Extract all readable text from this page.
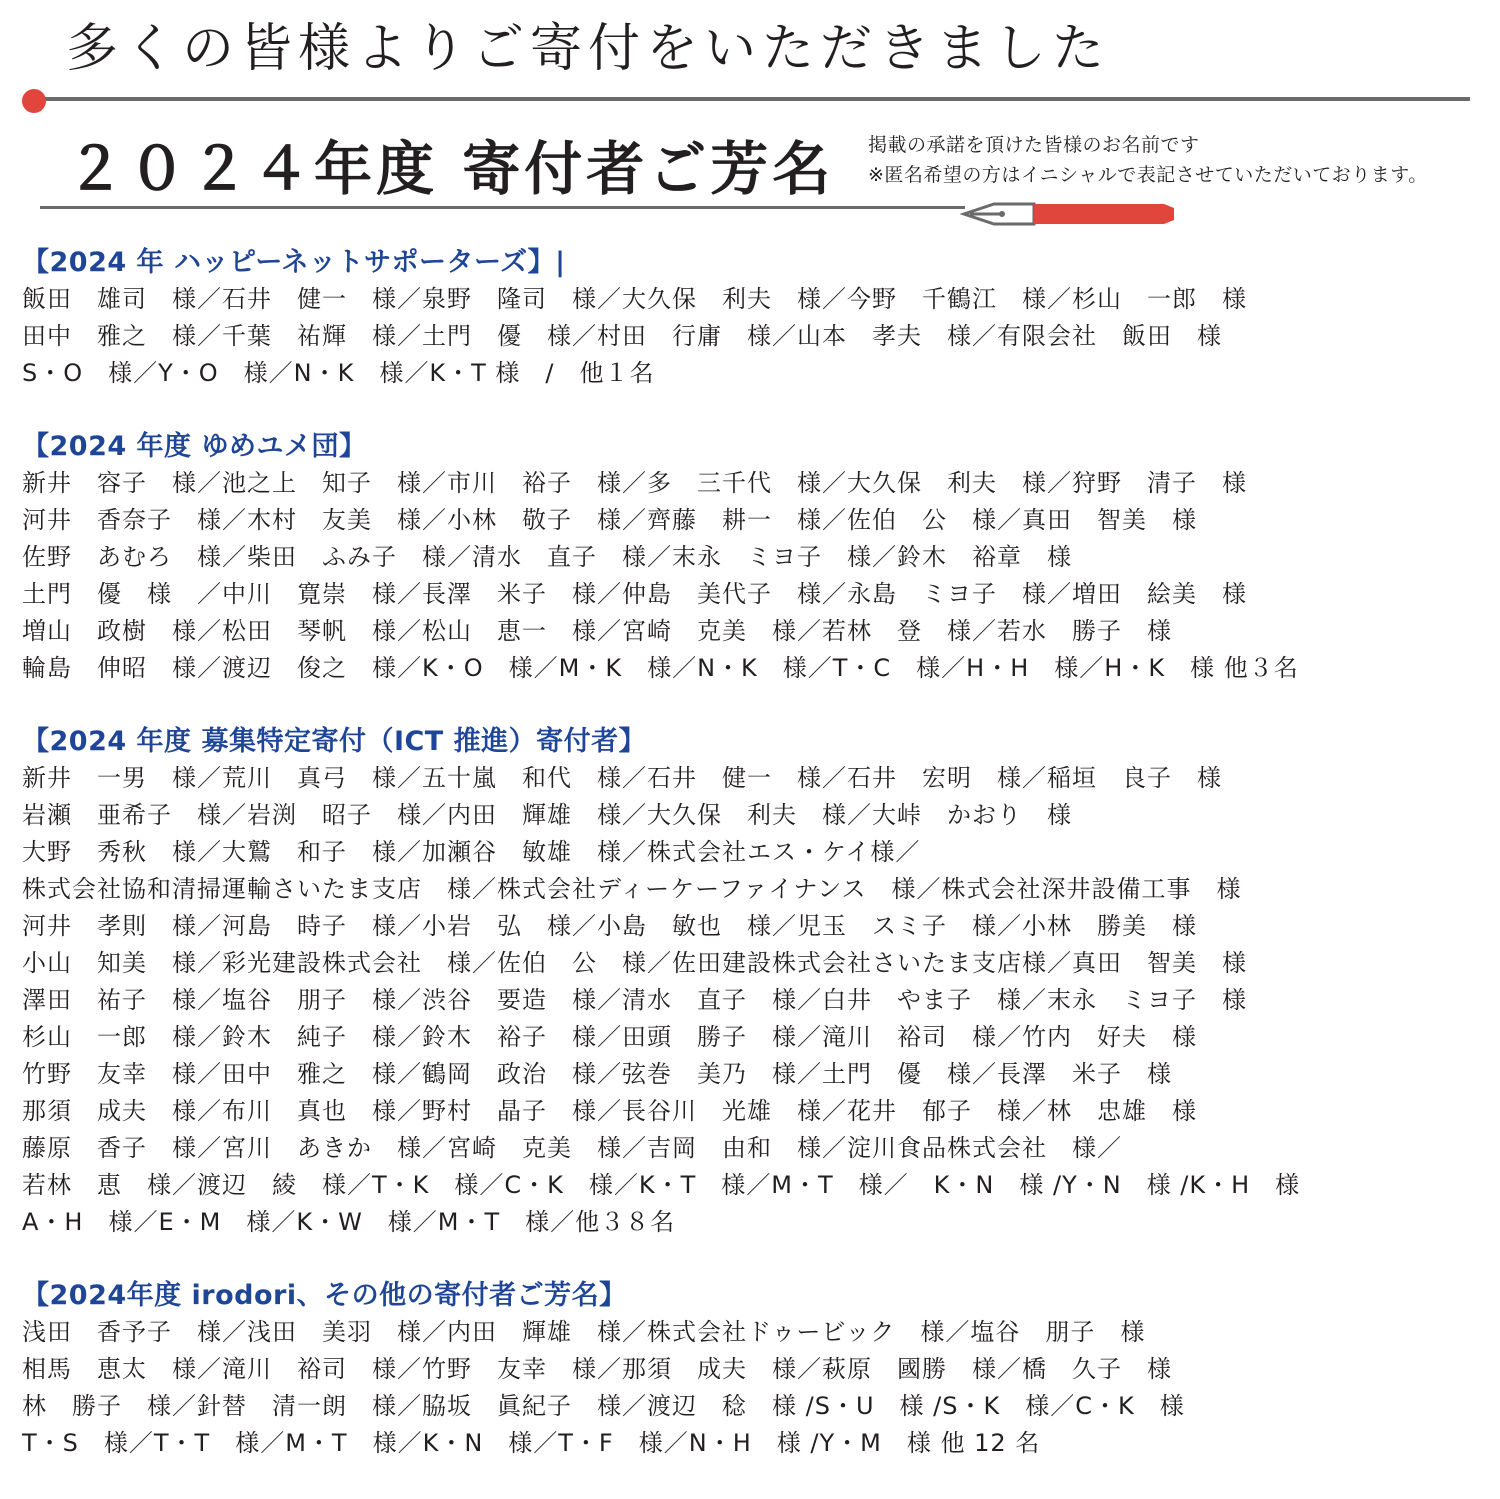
多くの皆様よりご寄付をいただきました
２０２４年度 寄付者ご芳名 掲載の承諾を頂けた皆様のお名前です
※匿名希望の方はイニシャルで表記させていただいております。
【2024 年 ハッピーネットサポーターズ】|
飯田　雄司　様／石井　健一　様／泉野　隆司　様／大久保　利夫　様／今野　千鶴江　様／杉山　一郎　様
田中　雅之　様／千葉　祐輝　様／土門　優　様／村田　行庸　様／山本　孝夫　様／有限会社　飯田　様
S・O　様／Y・O　様／N・K　様／K・T 様　/　他１名
【2024 年度 ゆめユメ団】
新井　容子　様／池之上　知子　様／市川　裕子　様／多　三千代　様／大久保　利夫　様／狩野　清子　様
河井　香奈子　様／木村　友美　様／小林　敬子　様／齊藤　耕一　様／佐伯　公　様／真田　智美　様
佐野　あむろ　様／柴田　ふみ子　様／清水　直子　様／末永　ミヨ子　様／鈴木　裕章　様
土門　優　様　／中川　寛崇　様／長澤　米子　様／仲島　美代子　様／永島　ミヨ子　様／増田　絵美　様
増山　政樹　様／松田　琴帆　様／松山　恵一　様／宮崎　克美　様／若林　登　様／若水　勝子　様
輪島　伸昭　様／渡辺　俊之　様／K・O　様／M・K　様／N・K　様／T・C　様／H・H　様／H・K　様 他３名
【2024 年度 募集特定寄付（ICT 推進）寄付者】
新井　一男　様／荒川　真弓　様／五十嵐　和代　様／石井　健一　様／石井　宏明　様／稲垣　良子　様
岩瀬　亜希子　様／岩渕　昭子　様／内田　輝雄　様／大久保　利夫　様／大峠　かおり　様
大野　秀秋　様／大鷲　和子　様／加瀬谷　敏雄　様／株式会社エス・ケイ様／
株式会社協和清掃運輸さいたま支店　様／株式会社ディーケーファイナンス　様／株式会社深井設備工事　様
河井　孝則　様／河島　時子　様／小岩　弘　様／小島　敏也　様／児玉　スミ子　様／小林　勝美　様
小山　知美　様／彩光建設株式会社　様／佐伯　公　様／佐田建設株式会社さいたま支店様／真田　智美　様
澤田　祐子　様／塩谷　朋子　様／渋谷　要造　様／清水　直子　様／白井　やま子　様／末永　ミヨ子　様
杉山　一郎　様／鈴木　純子　様／鈴木　裕子　様／田頭　勝子　様／滝川　裕司　様／竹内　好夫　様
竹野　友幸　様／田中　雅之　様／鶴岡　政治　様／弦巻　美乃　様／土門　優　様／長澤　米子　様
那須　成夫　様／布川　真也　様／野村　晶子　様／長谷川　光雄　様／花井　郁子　様／林　忠雄　様
藤原　香子　様／宮川　あきか　様／宮崎　克美　様／吉岡　由和　様／淀川食品株式会社　様／
若林　恵　様／渡辺　綾　様／T・K　様／C・K　様／K・T　様／M・T　様／　K・N　様 /Y・N　様 /K・H　様
A・H　様／E・M　様／K・W　様／M・T　様／他３８名
【2024年度 irodori、その他の寄付者ご芳名】
浅田　香予子　様／浅田　美羽　様／内田　輝雄　様／株式会社ドゥービック　様／塩谷　朋子　様
相馬　恵太　様／滝川　裕司　様／竹野　友幸　様／那須　成夫　様／萩原　國勝　様／橋　久子　様
林　勝子　様／針替　清一朗　様／脇坂　眞紀子　様／渡辺　稔　様 /S・U　様 /S・K　様／C・K　様
T・S　様／T・T　様／M・T　様／K・N　様／T・F　様／N・H　様 /Y・M　様 他 12 名
